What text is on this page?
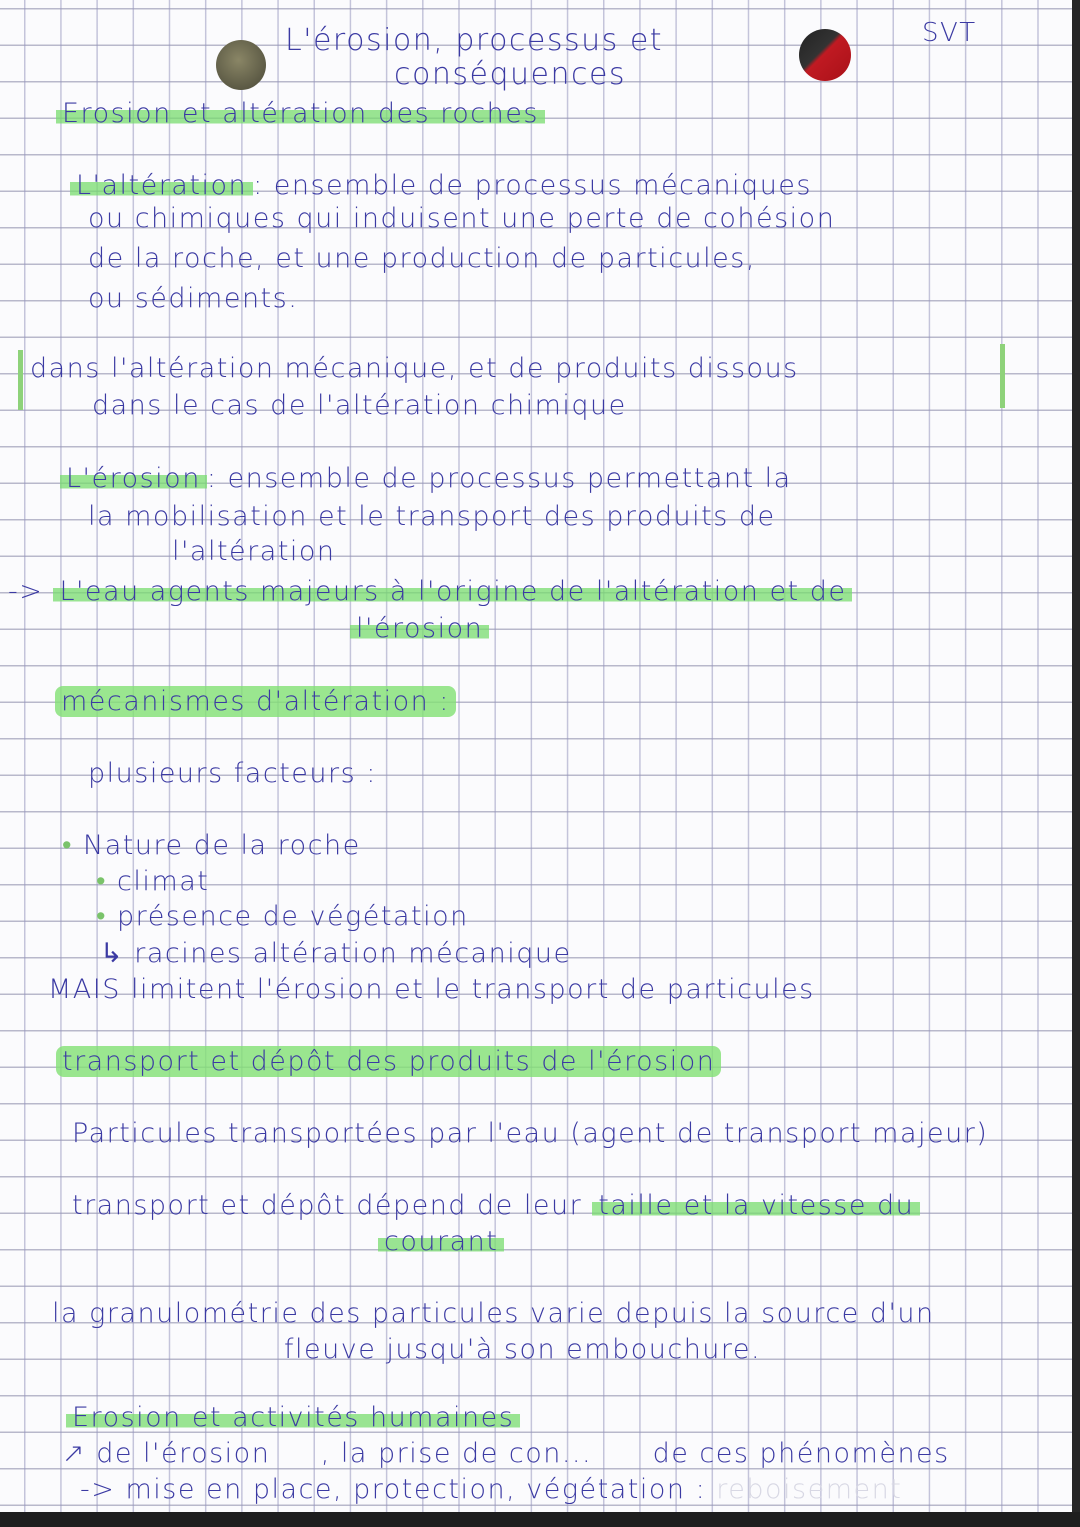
L'érosion, processus et
conséquences
SVT
Erosion et altération des roches
L'altération : ensemble de processus mécaniques
ou chimiques qui induisent une perte de cohésion
de la roche, et une production de particules,
ou sédiments.
dans l'altération mécanique, et de produits dissous
dans le cas de l'altération chimique
L'érosion : ensemble de processus permettant la
la mobilisation et le transport des produits de
l'altération
-> L'eau agents majeurs à l'origine de l'altération et de
l'érosion
mécanismes d'altération :
plusieurs facteurs :
• Nature de la roche
• climat
• présence de végétation
↳ racines altération mécanique
MAIS limitent l'érosion et le transport de particules
transport et dépôt des produits de l'érosion
Particules transportées par l'eau (agent de transport majeur)
transport et dépôt dépend de leur taille et la vitesse du
courant
la granulométrie des particules varie depuis la source d'un
fleuve jusqu'à son embouchure.
Erosion et activités humaines
↗ de l'érosion , la prise de con... de ces phénomènes
-> mise en place, protection, végétation : reboisement
